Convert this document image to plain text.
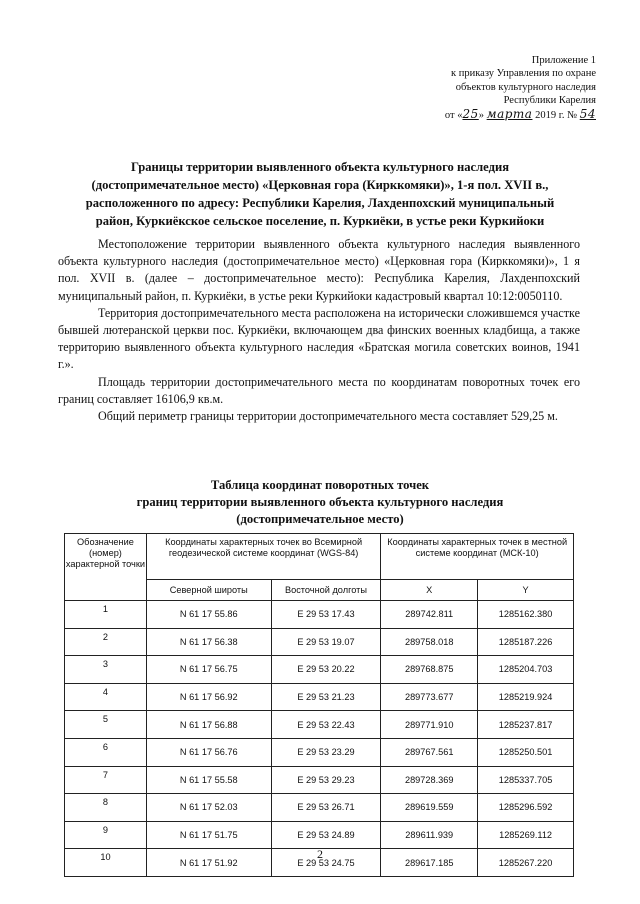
Приложение 1
к приказу Управления по охране
объектов культурного наследия
Республики Карелия
от «25» марта 2019 г. № 54
Границы территории выявленного объекта культурного наследия
(достопримечательное место) «Церковная гора (Кирккомяки)», 1-я пол. XVII в.,
расположенного по адресу: Республики Карелия, Лахденпохский муниципальный
район, Куркиёкское сельское поселение, п. Куркиёки, в устье реки Куркийоки

Местоположение территории выявленного объекта культурного наследия выявленного объекта культурного наследия (достопримечательное место) «Церковная гора (Кирккомяки)», 1 я пол. XVII в. (далее – достопримечательное место): Республика Карелия, Лахденпохский муниципальный район, п. Куркиёки, в устье реки Куркийоки кадастровый квартал 10:12:0050110.

Территория достопримечательного места расположена на исторически сложившемся участке бывшей лютеранской церкви пос. Куркиёки, включающем два финских военных кладбища, а также территорию выявленного объекта культурного наследия «Братская могила советских воинов, 1941 г.».

Площадь территории достопримечательного места по координатам поворотных точек его границ составляет 16106,9 кв.м.

Общий периметр границы территории достопримечательного места составляет 529,25 м.

Таблица координат поворотных точек
границ территории выявленного объекта культурного наследия
(достопримечательное место)
Обозначение (номер) характерной точки	Координаты характерных точек во Всемирной геодезической системе координат (WGS-84)		Координаты характерных точек в местной системе координат (МСК-10)	
	Северной широты	Восточной долготы	X	Y
1	N 61 17 55.86	E 29 53 17.43	289742.811	1285162.380
2	N 61 17 56.38	E 29 53 19.07	289758.018	1285187.226
3	N 61 17 56.75	E 29 53 20.22	289768.875	1285204.703
4	N 61 17 56.92	E 29 53 21.23	289773.677	1285219.924
5	N 61 17 56.88	E 29 53 22.43	289771.910	1285237.817
6	N 61 17 56.76	E 29 53 23.29	289767.561	1285250.501
7	N 61 17 55.58	E 29 53 29.23	289728.369	1285337.705
8	N 61 17 52.03	E 29 53 26.71	289619.559	1285296.592
9	N 61 17 51.75	E 29 53 24.89	289611.939	1285269.112
10	N 61 17 51.92	E 29 53 24.75	289617.185	1285267.220
2
